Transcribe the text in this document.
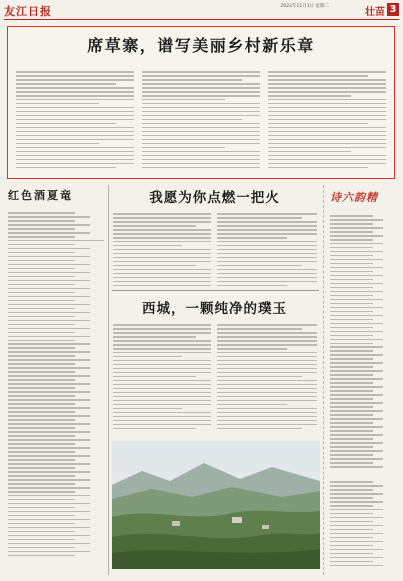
友江日报	2022年11月1日 星期二
壮苗 3
席草寨，谱写美丽乡村新乐章
红色酒夏竜	我愿为你点燃一把火
西城，一颗纯净的璞玉
诗六韵精
